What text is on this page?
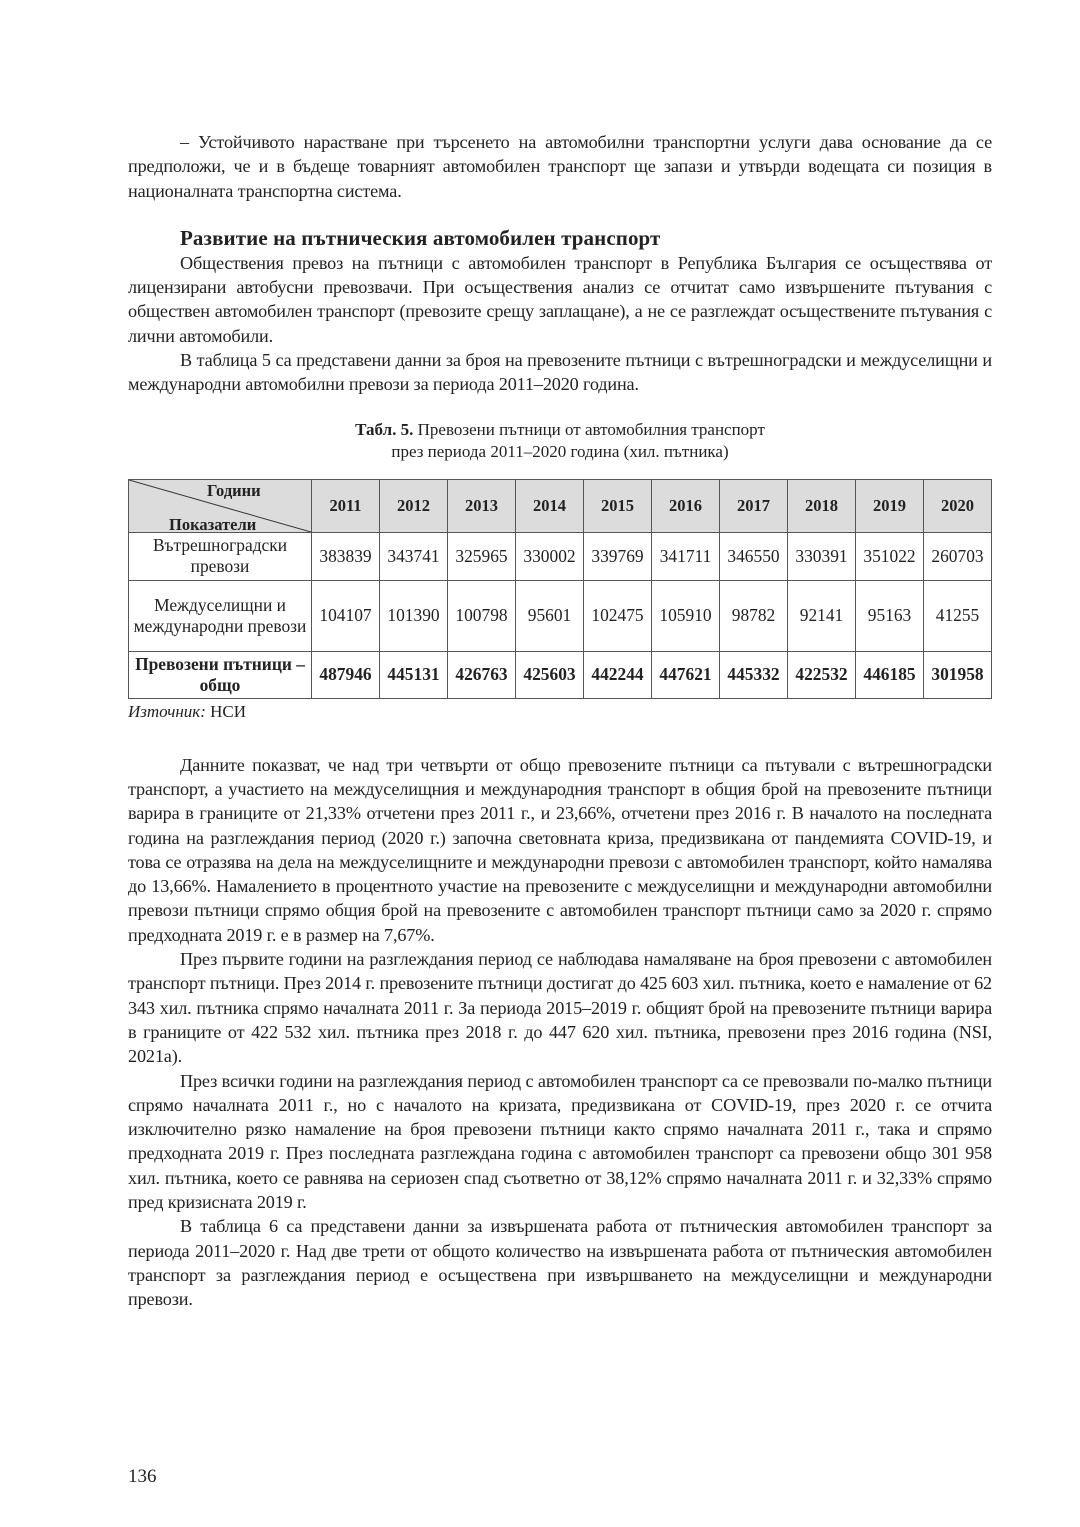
– Устойчивото нарастване при търсенето на автомобилни транспортни услуги дава основание да се предположи, че и в бъдеще товарният автомобилен транспорт ще запази и утвърди водещата си позиция в националната транспортна система.

Развитие на пътническия автомобилен транспорт

Обществения превоз на пътници с автомобилен транспорт в Република България се осъществява от лицензирани автобусни превозвачи. При осъществения анализ се отчитат само извършените пътувания с обществен автомобилен транспорт (превозите срещу заплащане), а не се разглеждат осъществените пътувания с лични автомобили.

В таблица 5 са представени данни за броя на превозените пътници с вътрешноградски и междуселищни и международни автомобилни превози за периода 2011–2020 година.

Табл. 5. Превозени пътници от автомобилния транспорт
през периода 2011–2020 година (хил. пътника)
Години
Показатели	2011	2012	2013	2014	2015	2016	2017	2018	2019	2020
Вътрешноградски превози	383839	343741	325965	330002	339769	341711	346550	330391	351022	260703
Междуселищни и международни превози	104107	101390	100798	95601	102475	105910	98782	92141	95163	41255
Превозени пътници – общо	487946	445131	426763	425603	442244	447621	445332	422532	446185	301958
Източник: НСИ

Данните показват, че над три четвърти от общо превозените пътници са пътували с вътрешноградски транспорт, а участието на междуселищния и международния транспорт в общия брой на превозените пътници варира в границите от 21,33% отчетени през 2011 г., и 23,66%, отчетени през 2016 г. В началото на последната година на разглеждания период (2020 г.) започна световната криза, предизвикана от пандемията COVID-19, и това се отразява на дела на междуселищните и международни превози с автомобилен транспорт, който намалява до 13,66%. Намалението в процентното участие на превозените с междуселищни и международни автомобилни превози пътници спрямо общия брой на превозените с автомобилен транспорт пътници само за 2020 г. спрямо предходната 2019 г. е в размер на 7,67%.

През първите години на разглеждания период се наблюдава намаляване на броя превозени с автомобилен транспорт пътници. През 2014 г. превозените пътници достигат до 425 603 хил. пътника, което е намаление от 62 343 хил. пътника спрямо началната 2011 г. За периода 2015–2019 г. общият брой на превозените пътници варира в границите от 422 532 хил. пътника през 2018 г. до 447 620 хил. пътника, превозени през 2016 година (NSI, 2021a).

През всички години на разглеждания период с автомобилен транспорт са се превозвали по-малко пътници спрямо началната 2011 г., но с началото на кризата, предизвикана от COVID-19, през 2020 г. се отчита изключително рязко намаление на броя превозени пътници както спрямо началната 2011 г., така и спрямо предходната 2019 г. През последната разглеждана година с автомобилен транспорт са превозени общо 301 958 хил. пътника, което се равнява на сериозен спад съответно от 38,12% спрямо началната 2011 г. и 32,33% спрямо пред кризисната 2019 г.

В таблица 6 са представени данни за извършената работа от пътническия автомобилен транспорт за периода 2011–2020 г. Над две трети от общото количество на извършената работа от пътническия автомобилен транспорт за разглеждания период е осъществена при извършването на междуселищни и международни превози.

136
